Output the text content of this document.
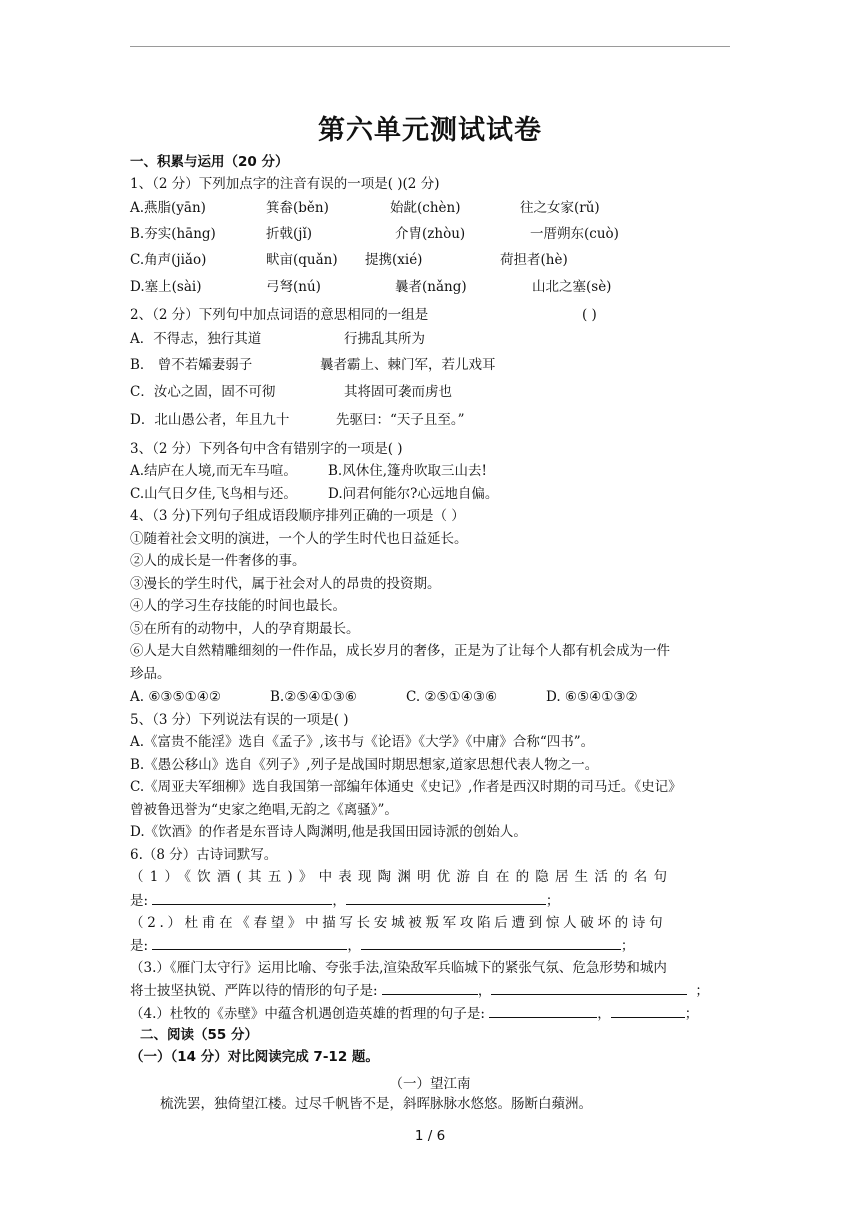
第六单元测试试卷
一、积累与运用（20 分）
1、（2 分）下列加点字的注音有误的一项是( )(2 分)
A.燕脂(yān)	箕畚(běn)	始龀(chèn)	往之女家(rǔ)
B.夯实(hāng)	折戟(jǐ)	介胄(zhòu)	一厝朔东(cuò)
C.角声(jiǎo)	畎亩(quǎn) 提携(xié)	荷担者(hè)
D.塞上(sài)	弓弩(nú)	曩者(nǎng)	山北之塞(sè)
2、（2 分）下列句中加点词语的意思相同的一组是	( )
A．不得志，独行其道	行拂乱其所为
B． 曾不若孀妻弱子	曩者霸上、棘门军，若儿戏耳
C．汝心之固，固不可彻	其将固可袭而虏也
D．北山愚公者，年且九十	先驱曰：“天子且至。”
3、（2 分）下列各句中含有错别字的一项是( )
A.结庐在人境,而无车马喧。 B.风休住,篷舟吹取三山去!
C.山气日夕佳,飞鸟相与还。 D.问君何能尔?心远地自偏。
4、（3 分)下列句子组成语段顺序排列正确的一项是（ ）
①随着社会文明的演进，一个人的学生时代也日益延长。
②人的成长是一件奢侈的事。
③漫长的学生时代，属于社会对人的昂贵的投资期。
④人的学习生存技能的时间也最长。
⑤在所有的动物中，人的孕育期最长。
⑥人是大自然精雕细刻的一件作品，成长岁月的奢侈，正是为了让每个人都有机会成为一件
珍品。
A. ⑥③⑤①④②	B.②⑤④①③⑥	C. ②⑤①④③⑥	D. ⑥⑤④①③②
5、（3 分）下列说法有误的一项是( )
A.《富贵不能淫》选自《孟子》,该书与《论语》《大学》《中庸》合称“四书”。
B.《愚公移山》选自《列子》,列子是战国时期思想家,道家思想代表人物之一。
C.《周亚夫军细柳》选自我国第一部编年体通史《史记》,作者是西汉时期的司马迁。《史记》
曾被鲁迅誉为“史家之绝唱,无韵之《离骚》”。
D.《饮酒》的作者是东晋诗人陶渊明,他是我国田园诗派的创始人。
6.（8 分）古诗词默写。
（1）《饮酒(其五)》中表现陶渊明优游自在的隐居生活的名句
是:	，	；
（2.）杜甫在《春望》中描写长安城被叛军攻陷后遭到惊人破坏的诗句
是:	，	；
（3.）《雁门太守行》运用比喻、夸张手法,渲染敌军兵临城下的紧张气氛、危急形势和城内
将士披坚执锐、严阵以待的情形的句子是:	，	；
（4.）杜牧的《赤壁》中蕴含机遇创造英雄的哲理的句子是:	，	；
二、阅读（55 分）
（一）（14 分）对比阅读完成 7-12 题。
（一）望江南
梳洗罢，独倚望江楼。过尽千帆皆不是，斜晖脉脉水悠悠。肠断白蘋洲。
1 / 6
